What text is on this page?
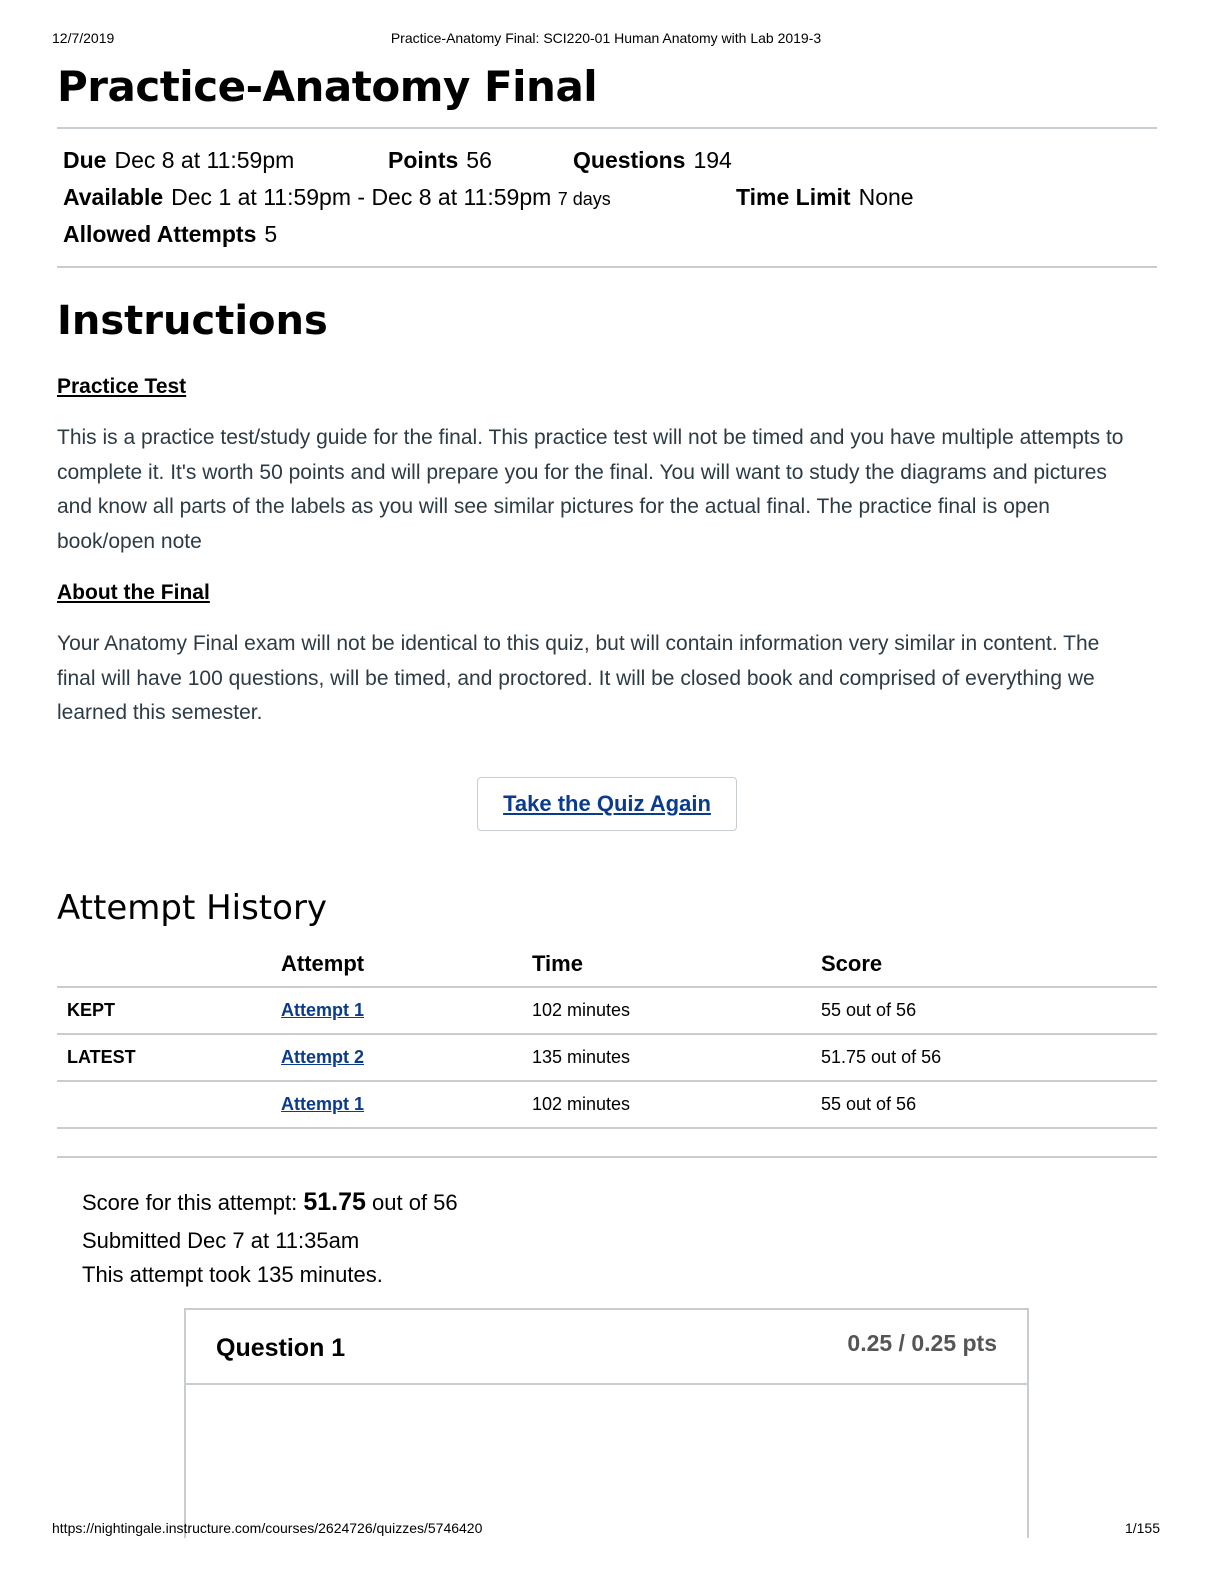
12/7/2019	Practice-Anatomy Final: SCI220-01 Human Anatomy with Lab 2019-3
Practice-Anatomy Final
Due Dec 8 at 11:59pm	Points 56	Questions 194
Available Dec 1 at 11:59pm - Dec 8 at 11:59pm 7 days	Time Limit None
Allowed Attempts 5
Instructions
Practice Test

This is a practice test/study guide for the final. This practice test will not be timed and you have multiple attempts to complete it. It's worth 50 points and will prepare you for the final. You will want to study the diagrams and pictures and know all parts of the labels as you will see similar pictures for the actual final. The practice final is open book/open note

About the Final

Your Anatomy Final exam will not be identical to this quiz, but will contain information very similar in content. The final will have 100 questions, will be timed, and proctored. It will be closed book and comprised of everything we learned this semester.

Attempt History
	Attempt	Time	Score
KEPT	Attempt 1	102 minutes	55 out of 56
LATEST	Attempt 2	135 minutes	51.75 out of 56
	Attempt 1	102 minutes	55 out of 56
Score for this attempt: 51.75 out of 56
Submitted Dec 7 at 11:35am
This attempt took 135 minutes.
Take the Quiz Again
Question 1	0.25 / 0.25 pts
https://nightingale.instructure.com/courses/2624726/quizzes/5746420	1/155
